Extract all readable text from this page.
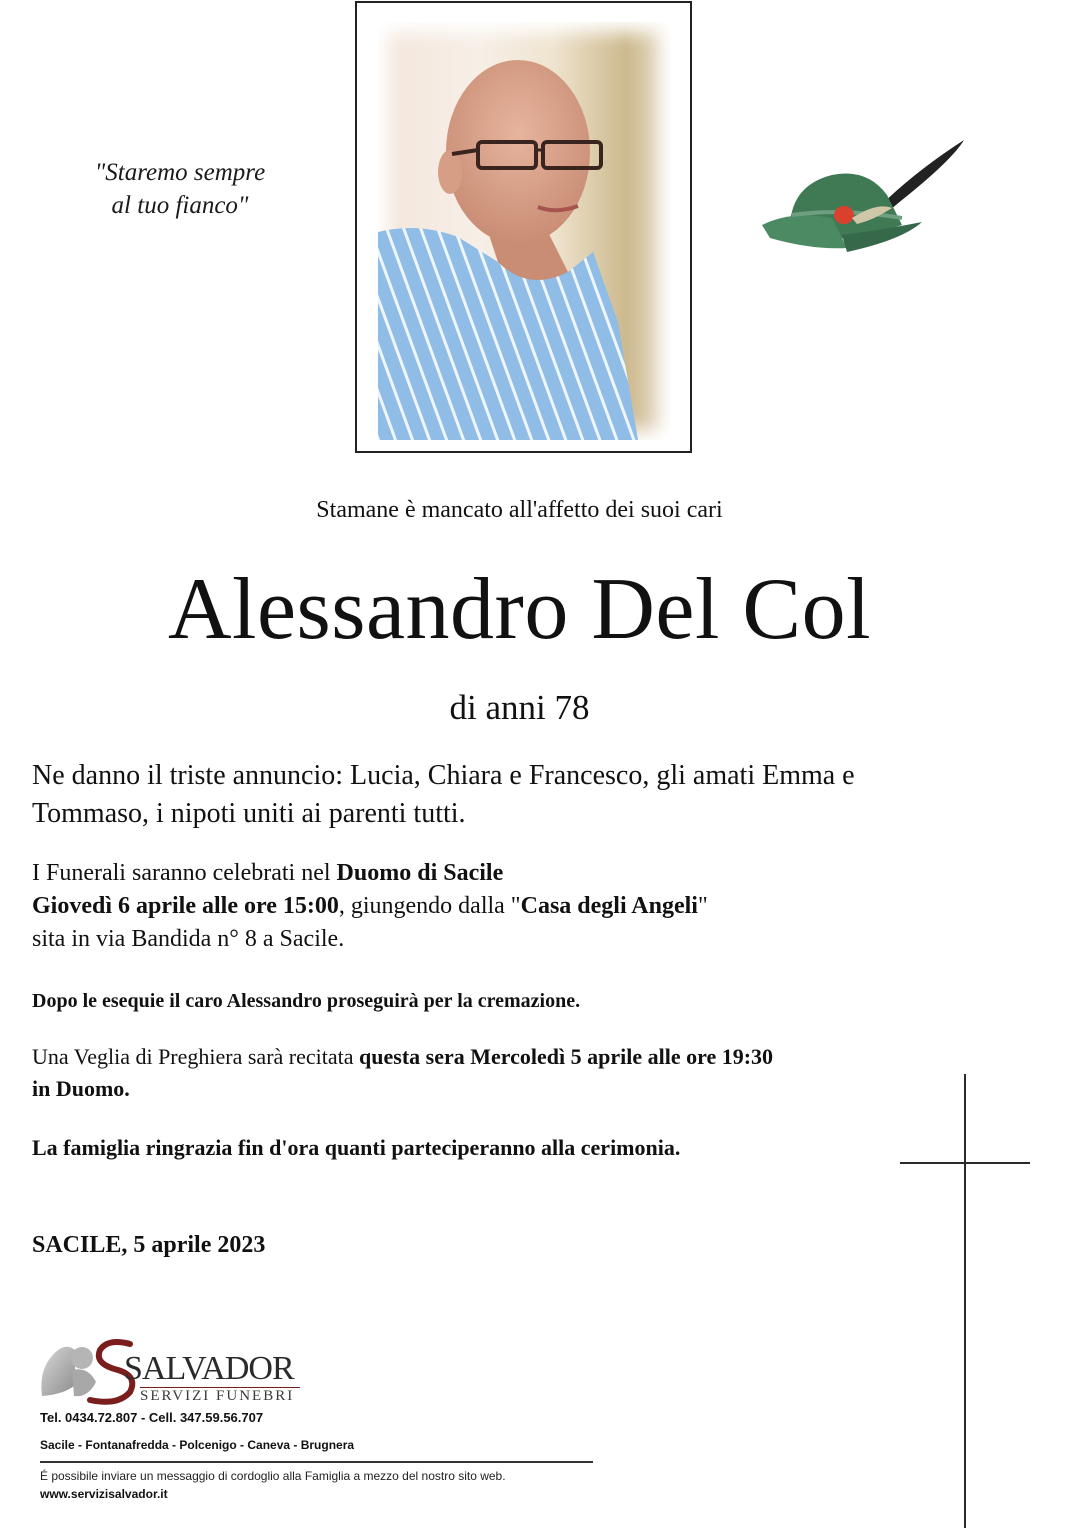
"Staremo sempre
al tuo fianco"
Stamane è mancato all'affetto dei suoi cari
Alessandro Del Col
di anni 78
Ne danno il triste annuncio: Lucia, Chiara e Francesco, gli amati Emma e
Tommaso, i nipoti uniti ai parenti tutti.
I Funerali saranno celebrati nel Duomo di Sacile
Giovedì 6 aprile alle ore 15:00, giungendo dalla "Casa degli Angeli"
sita in via Bandida n° 8 a Sacile.
Dopo le esequie il caro Alessandro proseguirà per la cremazione.
Una Veglia di Preghiera sarà recitata questa sera Mercoledì 5 aprile alle ore 19:30
in Duomo.
La famiglia ringrazia fin d'ora quanti parteciperanno alla cerimonia.
SACILE, 5 aprile 2023
SALVADOR
SERVIZI FUNEBRI
Tel. 0434.72.807 - Cell. 347.59.56.707
Sacile - Fontanafredda - Polcenigo - Caneva - Brugnera
É possibile inviare un messaggio di cordoglio alla Famiglia a mezzo del nostro sito web.
www.servizisalvador.it
